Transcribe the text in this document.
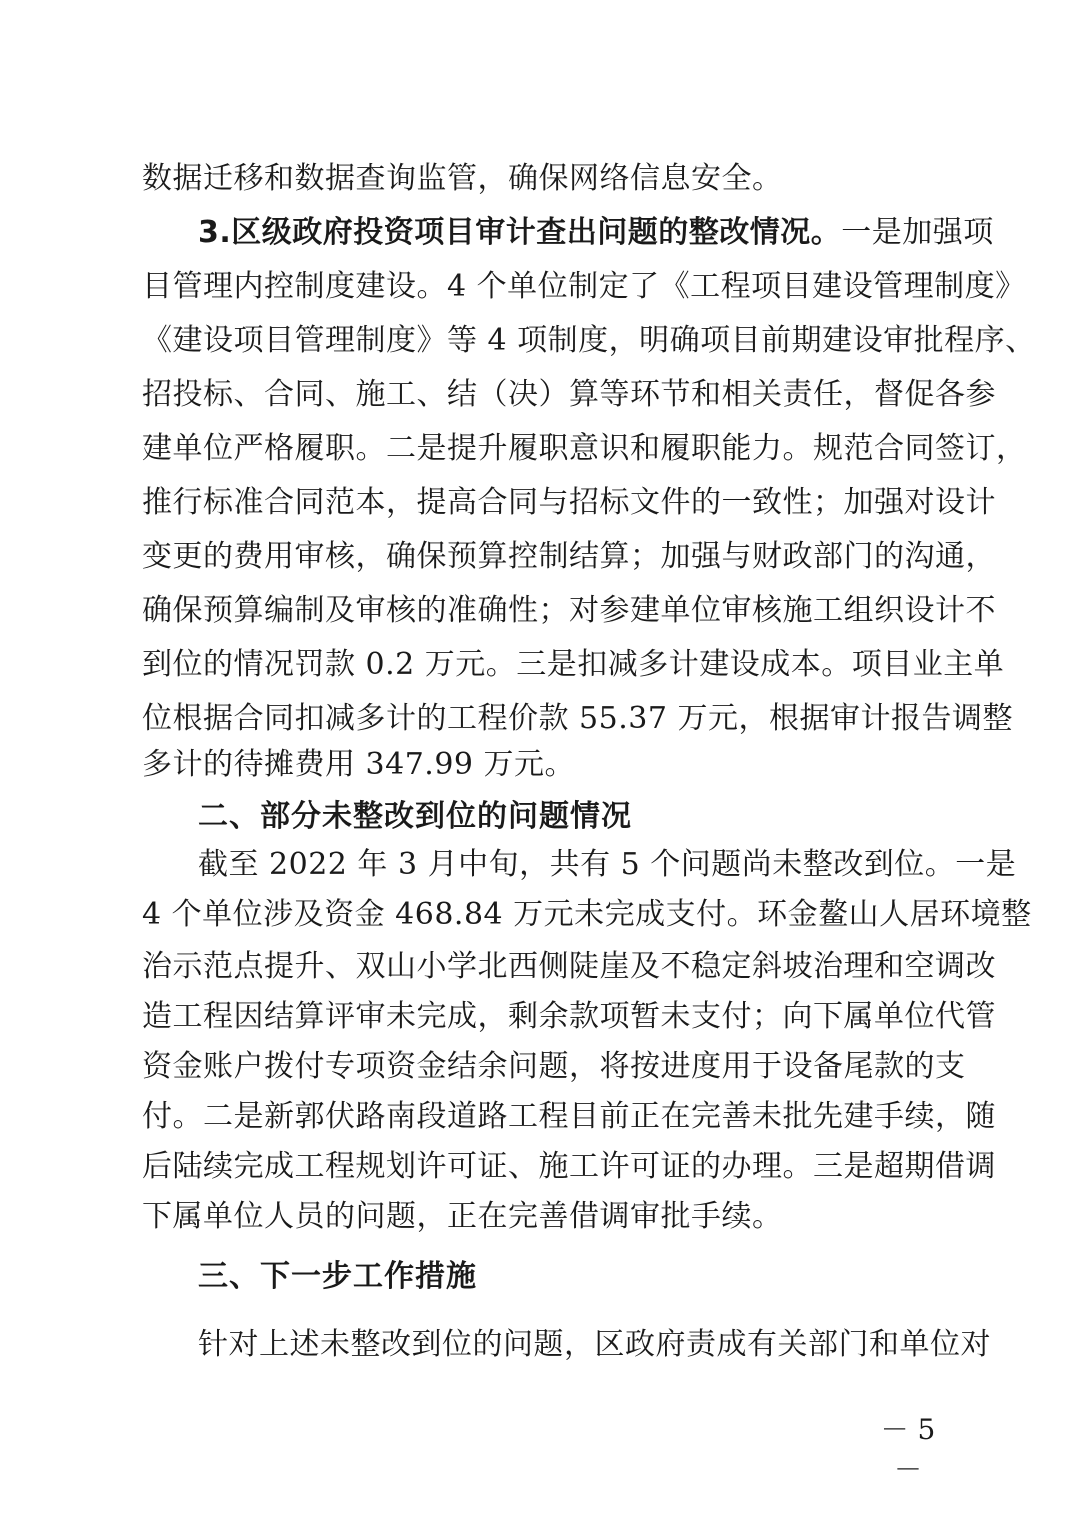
数据迁移和数据查询监管，确保网络信息安全。
3.区级政府投资项目审计查出问题的整改情况。一是加强项
目管理内控制度建设。4 个单位制定了《工程项目建设管理制度》
《建设项目管理制度》等 4 项制度，明确项目前期建设审批程序、
招投标、合同、施工、结（决）算等环节和相关责任，督促各参
建单位严格履职。二是提升履职意识和履职能力。规范合同签订，
推行标准合同范本，提高合同与招标文件的一致性；加强对设计
变更的费用审核，确保预算控制结算；加强与财政部门的沟通，
确保预算编制及审核的准确性；对参建单位审核施工组织设计不
到位的情况罚款 0.2 万元。三是扣减多计建设成本。项目业主单
位根据合同扣减多计的工程价款 55.37 万元，根据审计报告调整
多计的待摊费用 347.99 万元。
二、部分未整改到位的问题情况
截至 2022 年 3 月中旬，共有 5 个问题尚未整改到位。一是
4 个单位涉及资金 468.84 万元未完成支付。环金鳌山人居环境整
治示范点提升、双山小学北西侧陡崖及不稳定斜坡治理和空调改
造工程因结算评审未完成，剩余款项暂未支付；向下属单位代管
资金账户拨付专项资金结余问题，将按进度用于设备尾款的支
付。二是新郭伏路南段道路工程目前正在完善未批先建手续，随
后陆续完成工程规划许可证、施工许可证的办理。三是超期借调
下属单位人员的问题，正在完善借调审批手续。
三、下一步工作措施
针对上述未整改到位的问题，区政府责成有关部门和单位对
－ 5 －
